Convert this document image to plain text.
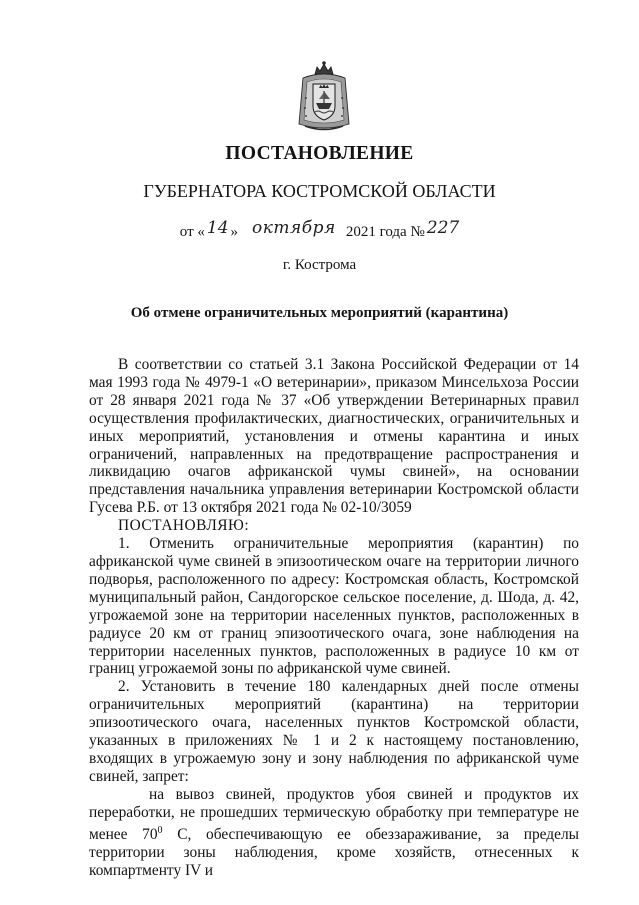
ПОСТАНОВЛЕНИЕ
ГУБЕРНАТОРА КОСТРОМСКОЙ ОБЛАСТИ
от « 14 » октября 2021 года № 227
г. Кострома
Об отмене ограничительных мероприятий (карантина)

В соответствии со статьей 3.1 Закона Российской Федерации от 14 мая 1993 года № 4979-1 «О ветеринарии», приказом Минсельхоза России от 28 января 2021 года № 37 «Об утверждении Ветеринарных правил осуществления профилактических, диагностических, ограничительных и иных мероприятий, установления и отмены карантина и иных ограничений, направленных на предотвращение распространения и ликвидацию очагов африканской чумы свиней», на основании представления начальника управления ветеринарии Костромской области Гусева Р.Б. от 13 октября 2021 года № 02-10/3059

ПОСТАНОВЛЯЮ:

1. Отменить ограничительные мероприятия (карантин) по африканской чуме свиней в эпизоотическом очаге на территории личного подворья, расположенного по адресу: Костромская область, Костромской муниципальный район, Сандогорское сельское поселение, д. Шода, д. 42, угрожаемой зоне на территории населенных пунктов, расположенных в радиусе 20 км от границ эпизоотического очага, зоне наблюдения на территории населенных пунктов, расположенных в радиусе 10 км от границ угрожаемой зоны по африканской чуме свиней.

2. Установить в течение 180 календарных дней после отмены ограничительных мероприятий (карантина) на территории эпизоотического очага, населенных пунктов Костромской области, указанных в приложениях № 1 и 2 к настоящему постановлению, входящих в угрожаемую зону и зону наблюдения по африканской чуме свиней, запрет:

на вывоз свиней, продуктов убоя свиней и продуктов их переработки, не прошедших термическую обработку при температуре не менее $70^0$ С, обеспечивающую ее обеззараживание, за пределы территории зоны наблюдения, кроме хозяйств, отнесенных к компартменту IV и
